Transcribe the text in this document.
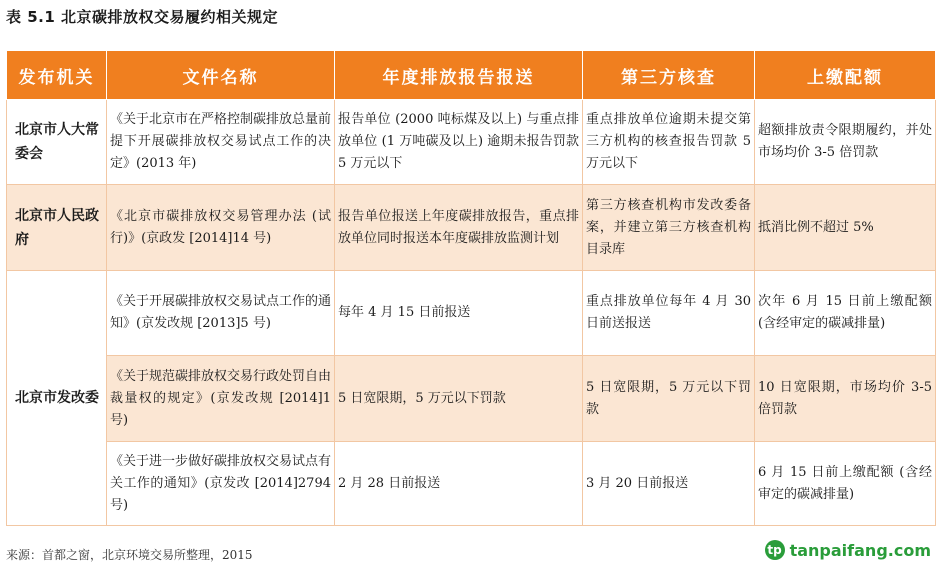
表 5.1 北京碳排放权交易履约相关规定
发布机关	文件名称	年度排放报告报送	第三方核查	上缴配额
北京市人大常委会	《关于北京市在严格控制碳排放总量前提下开展碳排放权交易试点工作的决定》(2013 年)	报告单位 (2000 吨标煤及以上) 与重点排放单位 (1 万吨碳及以上) 逾期未报告罚款 5 万元以下	重点排放单位逾期未提交第三方机构的核查报告罚款 5 万元以下	超额排放责令限期履约，并处市场均价 3-5 倍罚款
北京市人民政府	《北京市碳排放权交易管理办法 (试行)》(京政发 [2014]14 号)	报告单位报送上年度碳排放报告，重点排放单位同时报送本年度碳排放监测计划	第三方核查机构市发改委备案，并建立第三方核查机构目录库	抵消比例不超过 5%
北京市发改委	《关于开展碳排放权交易试点工作的通知》(京发改规 [2013]5 号)	每年 4 月 15 日前报送	重点排放单位每年 4 月 30 日前送报送	次年 6 月 15 日前上缴配额 (含经审定的碳减排量)
	《关于规范碳排放权交易行政处罚自由裁量权的规定》(京发改规 [2014]1 号)	5 日宽限期，5 万元以下罚款	5 日宽限期，5 万元以下罚款	10 日宽限期，市场均价 3-5 倍罚款
	《关于进一步做好碳排放权交易试点有关工作的通知》(京发改 [2014]2794 号)	2 月 28 日前报送	3 月 20 日前报送	6 月 15 日前上缴配额 (含经审定的碳减排量)
来源：首都之窗，北京环境交易所整理，2015	tp tanpaifang.com
